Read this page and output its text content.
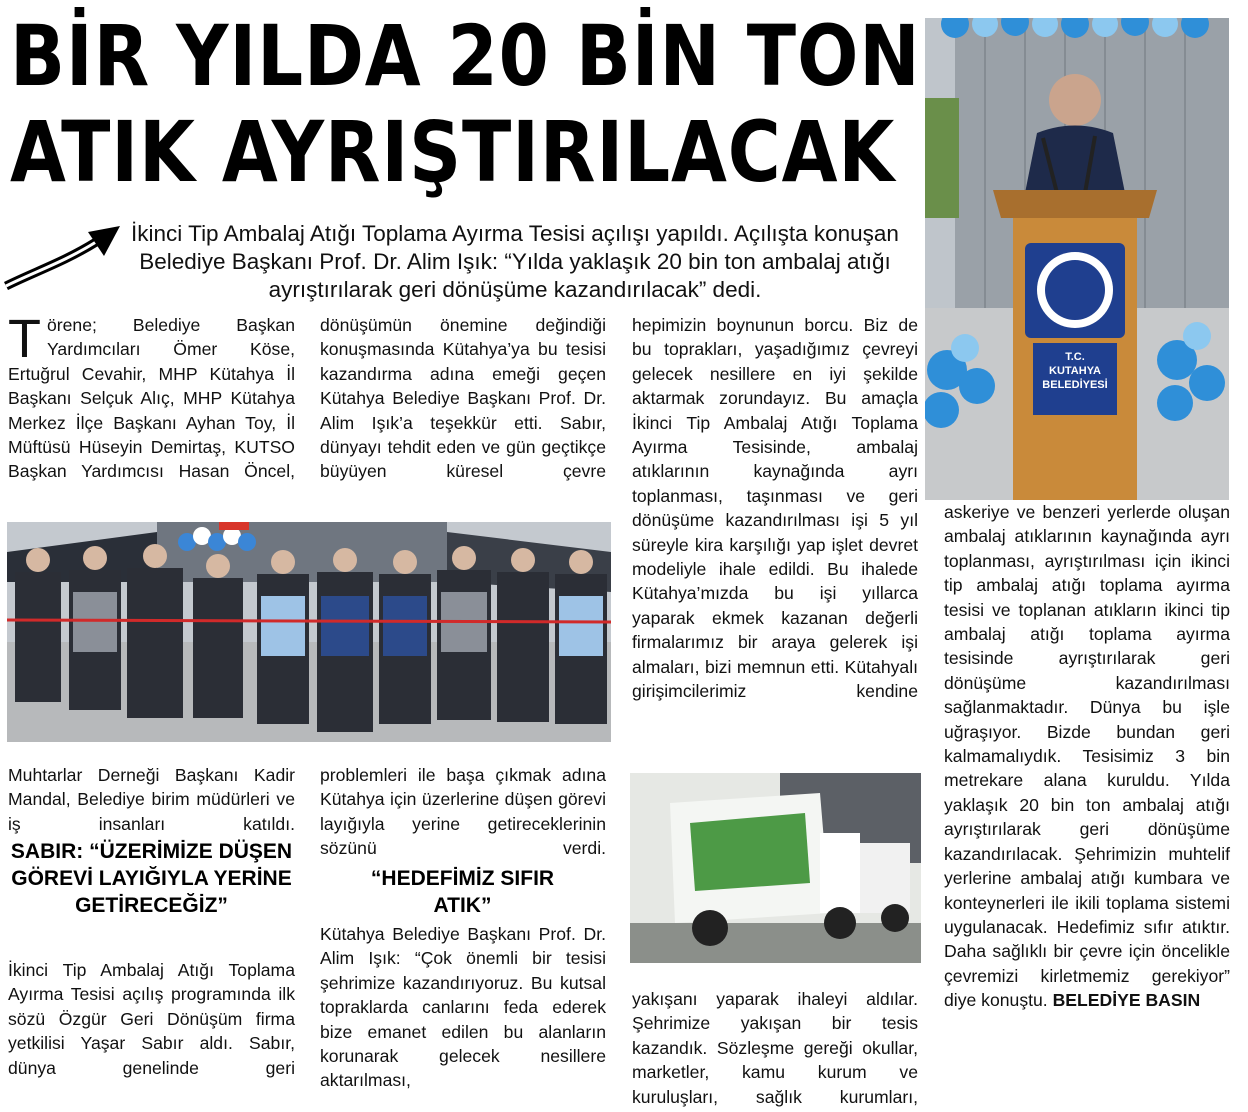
BİR YILDA 20 BİN TON
ATIK AYRIŞTIRILACAK
İkinci Tip Ambalaj Atığı Toplama Ayırma Tesisi açılışı yapıldı. Açılışta konuşan Belediye Başkanı Prof. Dr. Alim Işık: “Yılda yaklaşık 20 bin ton ambalaj atığı ayrıştırılarak geri dönüşüme kazandırılacak” dedi.
T örene; Belediye Başkan Yardımcıları Ömer Köse, Ertuğrul Cevahir, MHP Kütahya İl Başkanı Selçuk Alıç, MHP Kütahya Merkez İlçe Başkanı Ayhan Toy, İl Müftüsü Hüseyin Demirtaş, KUTSO Başkan Yardımcısı Hasan Öncel,
dönüşümün önemine değindiği konuşmasında Kütahya’ya bu tesisi kazandırma adına emeği geçen Kütahya Belediye Başkanı Prof. Dr. Alim Işık’a teşekkür etti. Sabır, dünyayı tehdit eden ve gün geçtikçe büyüyen küresel çevre
Muhtarlar Derneği Başkanı Kadir Mandal, Belediye birim müdürleri ve iş insanları katıldı.
SABIR: “ÜZERİMİZE DÜŞEN GÖREVİ LAYIĞIYLA YERİNE GETİRECEĞİZ”
İkinci Tip Ambalaj Atığı Toplama Ayırma Tesisi açılış programında ilk sözü Özgür Geri Dönüşüm firma yetkilisi Yaşar Sabır aldı. Sabır, dünya genelinde geri
problemleri ile başa çıkmak adına Kütahya için üzerlerine düşen görevi layığıyla yerine getireceklerinin sözünü verdi.
“HEDEFİMİZ SIFIR ATIK”
Kütahya Belediye Başkanı Prof. Dr. Alim Işık: “Çok önemli bir tesisi şehrimize kazandırıyoruz. Bu kutsal topraklarda canlarını feda ederek bize emanet edilen bu alanların korunarak gelecek nesillere aktarılması,
hepimizin boynunun borcu. Biz de bu toprakları, yaşadığımız çevreyi gelecek nesillere en iyi şekilde aktarmak zorundayız. Bu amaçla İkinci Tip Ambalaj Atığı Toplama Ayırma Tesisinde, ambalaj atıklarının kaynağında ayrı toplanması, taşınması ve geri dönüşüme kazandırılması işi 5 yıl süreyle kira karşılığı yap işlet devret modeliyle ihale edildi. Bu ihalede Kütahya’mızda bu işi yıllarca yaparak ekmek kazanan değerli firmalarımız bir araya gelerek işi almaları, bizi memnun etti. Kütahyalı girişimcilerimiz kendine
yakışanı yaparak ihaleyi aldılar. Şehrimize yakışan bir tesis kazandık. Sözleşme gereği okullar, marketler, kamu kurum ve kuruluşları, sağlık kurumları,
T.C.
KUTAHYA
BELEDİYESİ
askeriye ve benzeri yerlerde oluşan ambalaj atıklarının kaynağında ayrı toplanması, ayrıştırılması için ikinci tip ambalaj atığı toplama ayırma tesisi ve toplanan atıkların ikinci tip ambalaj atığı toplama ayırma tesisinde ayrıştırılarak geri dönüşüme kazandırılması sağlanmaktadır. Dünya bu işle uğraşıyor. Bizde bundan geri kalmamalıydık. Tesisimiz 3 bin metrekare alana kuruldu. Yılda yaklaşık 20 bin ton ambalaj atığı ayrıştırılarak geri dönüşüme kazandırılacak. Şehrimizin muhtelif yerlerine ambalaj atığı kumbara ve konteynerleri ile ikili toplama sistemi uygulanacak. Hedefimiz sıfır atıktır. Daha sağlıklı bir çevre için öncelikle çevremizi kirletmemiz gerekiyor” diye konuştu. BELEDİYE BASIN
